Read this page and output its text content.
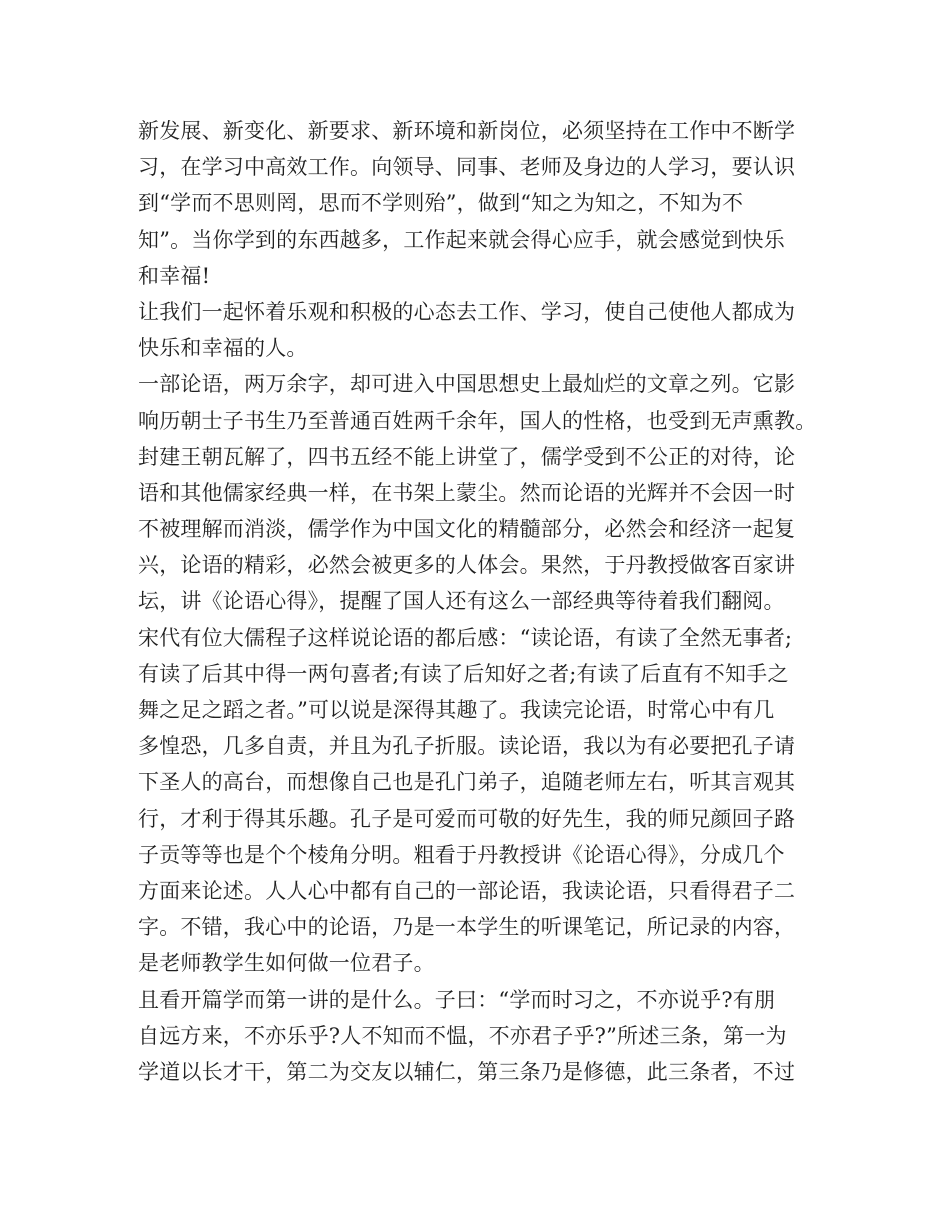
新发展、新变化、新要求、新环境和新岗位，必须坚持在工作中不断学
习，在学习中高效工作。向领导、同事、老师及身边的人学习，要认识
到“学而不思则罔，思而不学则殆”，做到“知之为知之，不知为不
知”。当你学到的东西越多，工作起来就会得心应手，就会感觉到快乐
和幸福!
让我们一起怀着乐观和积极的心态去工作、学习，使自己使他人都成为
快乐和幸福的人。
一部论语，两万余字，却可进入中国思想史上最灿烂的文章之列。它影
响历朝士子书生乃至普通百姓两千余年，国人的性格，也受到无声熏教。
封建王朝瓦解了，四书五经不能上讲堂了，儒学受到不公正的对待，论
语和其他儒家经典一样，在书架上蒙尘。然而论语的光辉并不会因一时
不被理解而消淡，儒学作为中国文化的精髓部分，必然会和经济一起复
兴，论语的精彩，必然会被更多的人体会。果然，于丹教授做客百家讲
坛，讲《论语心得》，提醒了国人还有这么一部经典等待着我们翻阅。
宋代有位大儒程子这样说论语的都后感：“读论语，有读了全然无事者;
有读了后其中得一两句喜者;有读了后知好之者;有读了后直有不知手之
舞之足之蹈之者。”可以说是深得其趣了。我读完论语，时常心中有几
多惶恐，几多自责，并且为孔子折服。读论语，我以为有必要把孔子请
下圣人的高台，而想像自己也是孔门弟子，追随老师左右，听其言观其
行，才利于得其乐趣。孔子是可爱而可敬的好先生，我的师兄颜回子路
子贡等等也是个个棱角分明。粗看于丹教授讲《论语心得》，分成几个
方面来论述。人人心中都有自己的一部论语，我读论语，只看得君子二
字。不错，我心中的论语，乃是一本学生的听课笔记，所记录的内容，
是老师教学生如何做一位君子。
且看开篇学而第一讲的是什么。子曰：“学而时习之，不亦说乎?有朋
自远方来，不亦乐乎?人不知而不愠，不亦君子乎?”所述三条，第一为
学道以长才干，第二为交友以辅仁，第三条乃是修德，此三条者，不过
